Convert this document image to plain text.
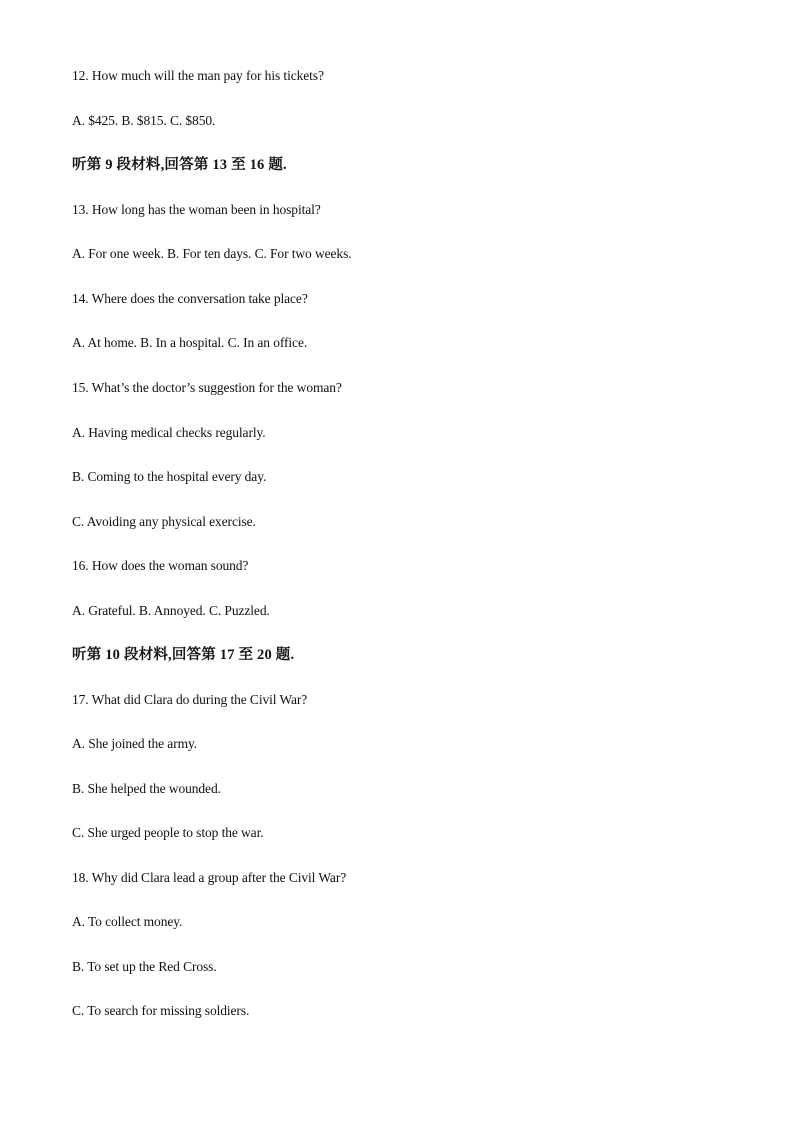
12. How much will the man pay for his tickets?
A. $425. B. $815. C. $850.
听第 9 段材料,回答第 13 至 16 题.
13. How long has the woman been in hospital?
A. For one week. B. For ten days. C. For two weeks.
14. Where does the conversation take place?
A. At home. B. In a hospital. C. In an office.
15. What’s the doctor’s suggestion for the woman?
A. Having medical checks regularly.
B. Coming to the hospital every day.
C. Avoiding any physical exercise.
16. How does the woman sound?
A. Grateful. B. Annoyed. C. Puzzled.
听第 10 段材料,回答第 17 至 20 题.
17. What did Clara do during the Civil War?
A. She joined the army.
B. She helped the wounded.
C. She urged people to stop the war.
18. Why did Clara lead a group after the Civil War?
A. To collect money.
B. To set up the Red Cross.
C. To search for missing soldiers.
